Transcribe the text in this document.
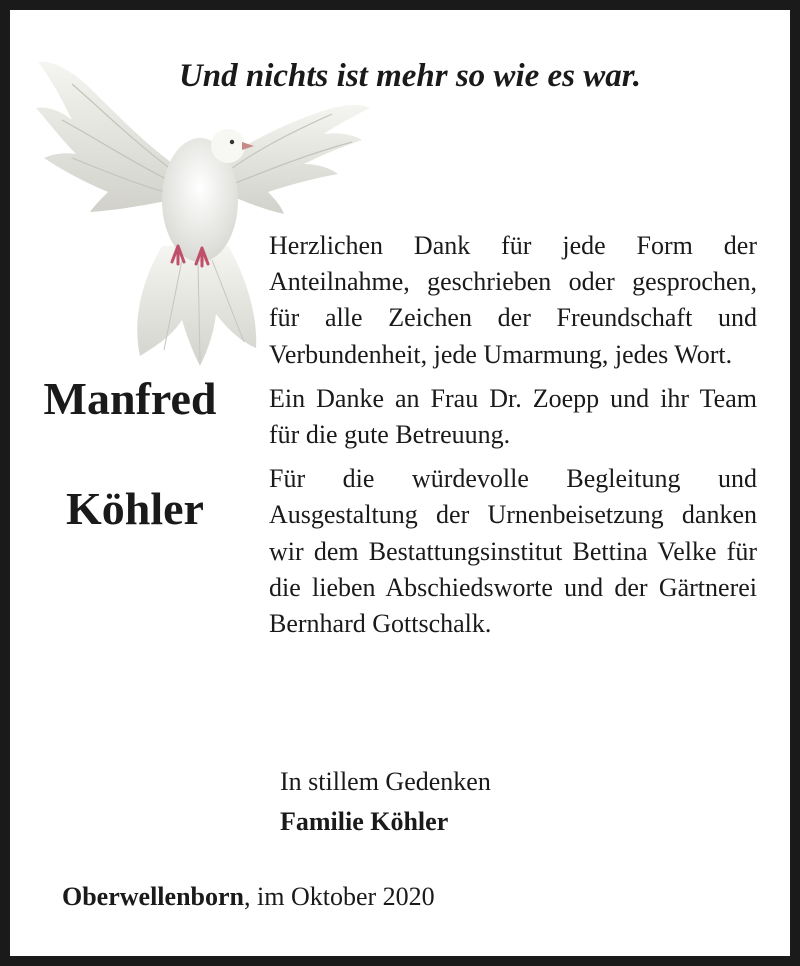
Und nichts ist mehr so wie es war.
Manfred
Köhler

Herzlichen Dank für jede Form der Anteilnahme, geschrieben oder gesprochen, für alle Zeichen der Freundschaft und Verbundenheit, jede Umarmung, jedes Wort.

Ein Danke an Frau Dr. Zoepp und ihr Team für die gute Betreuung.

Für die würdevolle Begleitung und Ausgestaltung der Urnenbeisetzung danken wir dem Bestattungsinstitut Bettina Velke für die lieben Abschiedsworte und der Gärtnerei Bernhard Gottschalk.

In stillem Gedenken
Familie Köhler
Oberwellenborn, im Oktober 2020
